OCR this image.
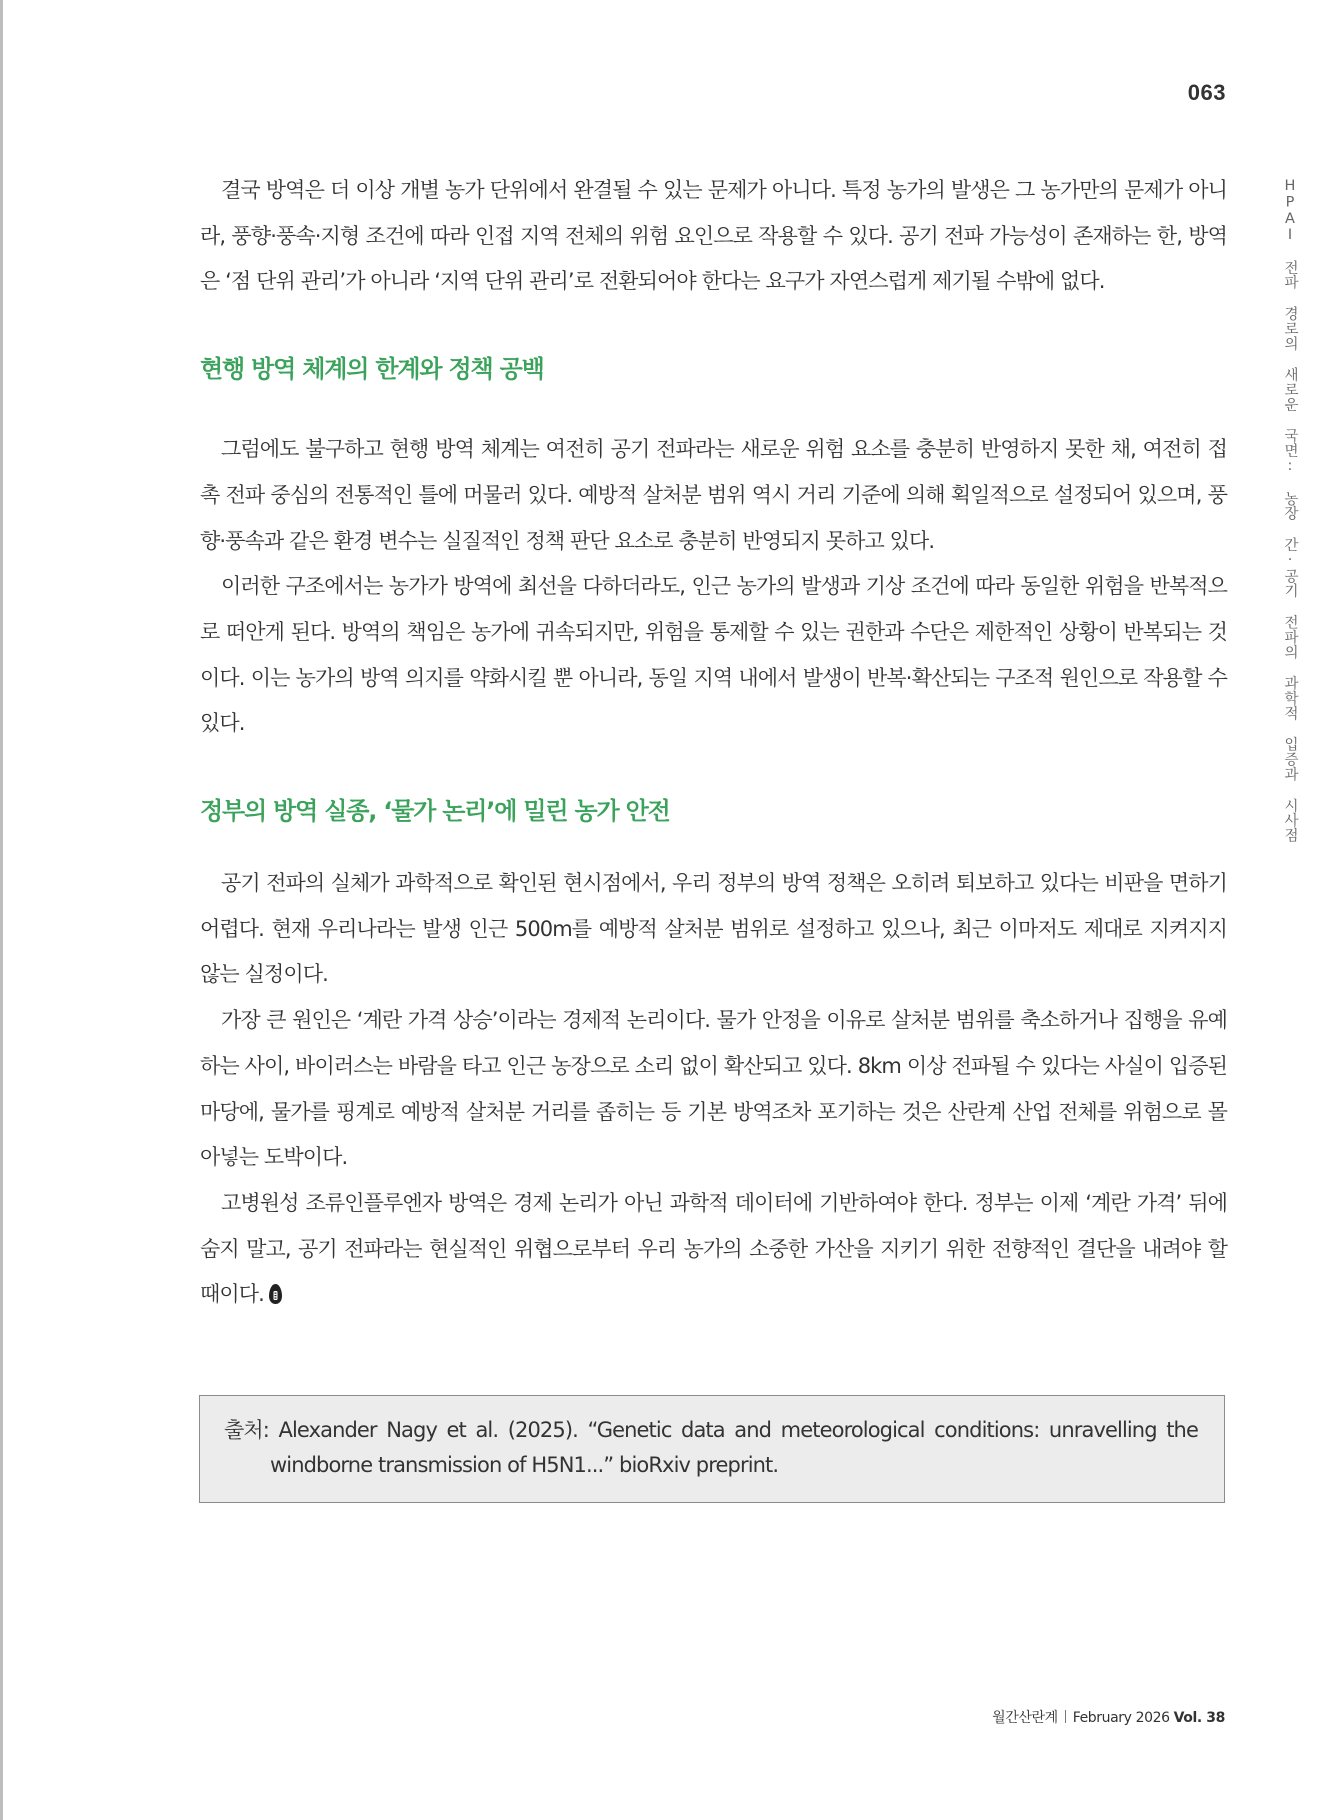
063
HPAI 전파 경로의 새로운 국면: 농장 간·공기 전파의 과학적 입증과 시사점

결국 방역은 더 이상 개별 농가 단위에서 완결될 수 있는 문제가 아니다. 특정 농가의 발생은 그 농가만의 문제가 아니라, 풍향·풍속·지형 조건에 따라 인접 지역 전체의 위험 요인으로 작용할 수 있다. 공기 전파 가능성이 존재하는 한, 방역은 ‘점 단위 관리’가 아니라 ‘지역 단위 관리’로 전환되어야 한다는 요구가 자연스럽게 제기될 수밖에 없다.

현행 방역 체계의 한계와 정책 공백

그럼에도 불구하고 현행 방역 체계는 여전히 공기 전파라는 새로운 위험 요소를 충분히 반영하지 못한 채, 여전히 접촉 전파 중심의 전통적인 틀에 머물러 있다. 예방적 살처분 범위 역시 거리 기준에 의해 획일적으로 설정되어 있으며, 풍향·풍속과 같은 환경 변수는 실질적인 정책 판단 요소로 충분히 반영되지 못하고 있다.

이러한 구조에서는 농가가 방역에 최선을 다하더라도, 인근 농가의 발생과 기상 조건에 따라 동일한 위험을 반복적으로 떠안게 된다. 방역의 책임은 농가에 귀속되지만, 위험을 통제할 수 있는 권한과 수단은 제한적인 상황이 반복되는 것이다. 이는 농가의 방역 의지를 약화시킬 뿐 아니라, 동일 지역 내에서 발생이 반복·확산되는 구조적 원인으로 작용할 수 있다.

정부의 방역 실종, ‘물가 논리’에 밀린 농가 안전

공기 전파의 실체가 과학적으로 확인된 현시점에서, 우리 정부의 방역 정책은 오히려 퇴보하고 있다는 비판을 면하기 어렵다. 현재 우리나라는 발생 인근 500m를 예방적 살처분 범위로 설정하고 있으나, 최근 이마저도 제대로 지켜지지 않는 실정이다.

가장 큰 원인은 ‘계란 가격 상승’이라는 경제적 논리이다. 물가 안정을 이유로 살처분 범위를 축소하거나 집행을 유예하는 사이, 바이러스는 바람을 타고 인근 농장으로 소리 없이 확산되고 있다. 8km 이상 전파될 수 있다는 사실이 입증된 마당에, 물가를 핑계로 예방적 살처분 거리를 좁히는 등 기본 방역조차 포기하는 것은 산란계 산업 전체를 위험으로 몰아넣는 도박이다.

고병원성 조류인플루엔자 방역은 경제 논리가 아닌 과학적 데이터에 기반하여야 한다. 정부는 이제 ‘계란 가격’ 뒤에 숨지 말고, 공기 전파라는 현실적인 위협으로부터 우리 농가의 소중한 가산을 지키기 위한 전향적인 결단을 내려야 할 때이다.

출처: Alexander Nagy et al. (2025). “Genetic data and meteorological conditions: unravelling the windborne transmission of H5N1...” bioRxiv preprint.
월간산란계 February 2026 Vol. 38
